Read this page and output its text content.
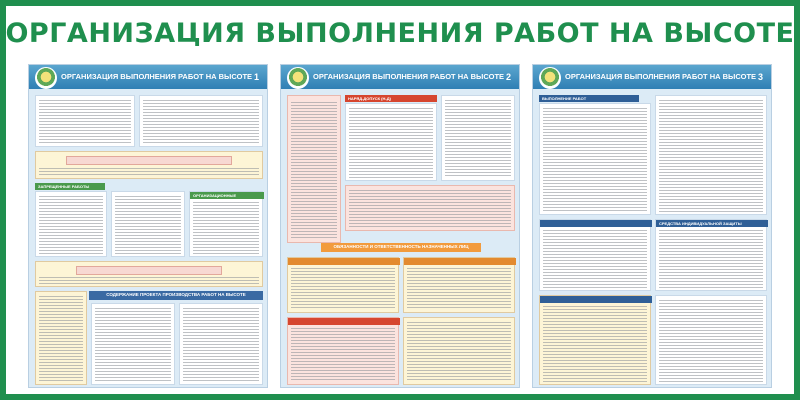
ОРГАНИЗАЦИЯ ВЫПОЛНЕНИЯ РАБОТ НА ВЫСОТЕ
ОРГАНИЗАЦИЯ ВЫПОЛНЕНИЯ РАБОТ НА ВЫСОТЕ 1
ЗАПРЕЩЕННЫЕ РАБОТЫ
ОРГАНИЗАЦИОННЫЕ
СОДЕРЖАНИЕ ПРОЕКТА ПРОИЗВОДСТВА РАБОТ НА ВЫСОТЕ
ОРГАНИЗАЦИЯ ВЫПОЛНЕНИЯ РАБОТ НА ВЫСОТЕ 2
НАРЯД-ДОПУСК (Н-Д)
ОБЯЗАННОСТИ И ОТВЕТСТВЕННОСТЬ НАЗНАЧЕННЫХ ЛИЦ
ОРГАНИЗАЦИЯ ВЫПОЛНЕНИЯ РАБОТ НА ВЫСОТЕ 3
ВЫПОЛНЕНИЕ РАБОТ
СРЕДСТВА ИНДИВИДУАЛЬНОЙ ЗАЩИТЫ
